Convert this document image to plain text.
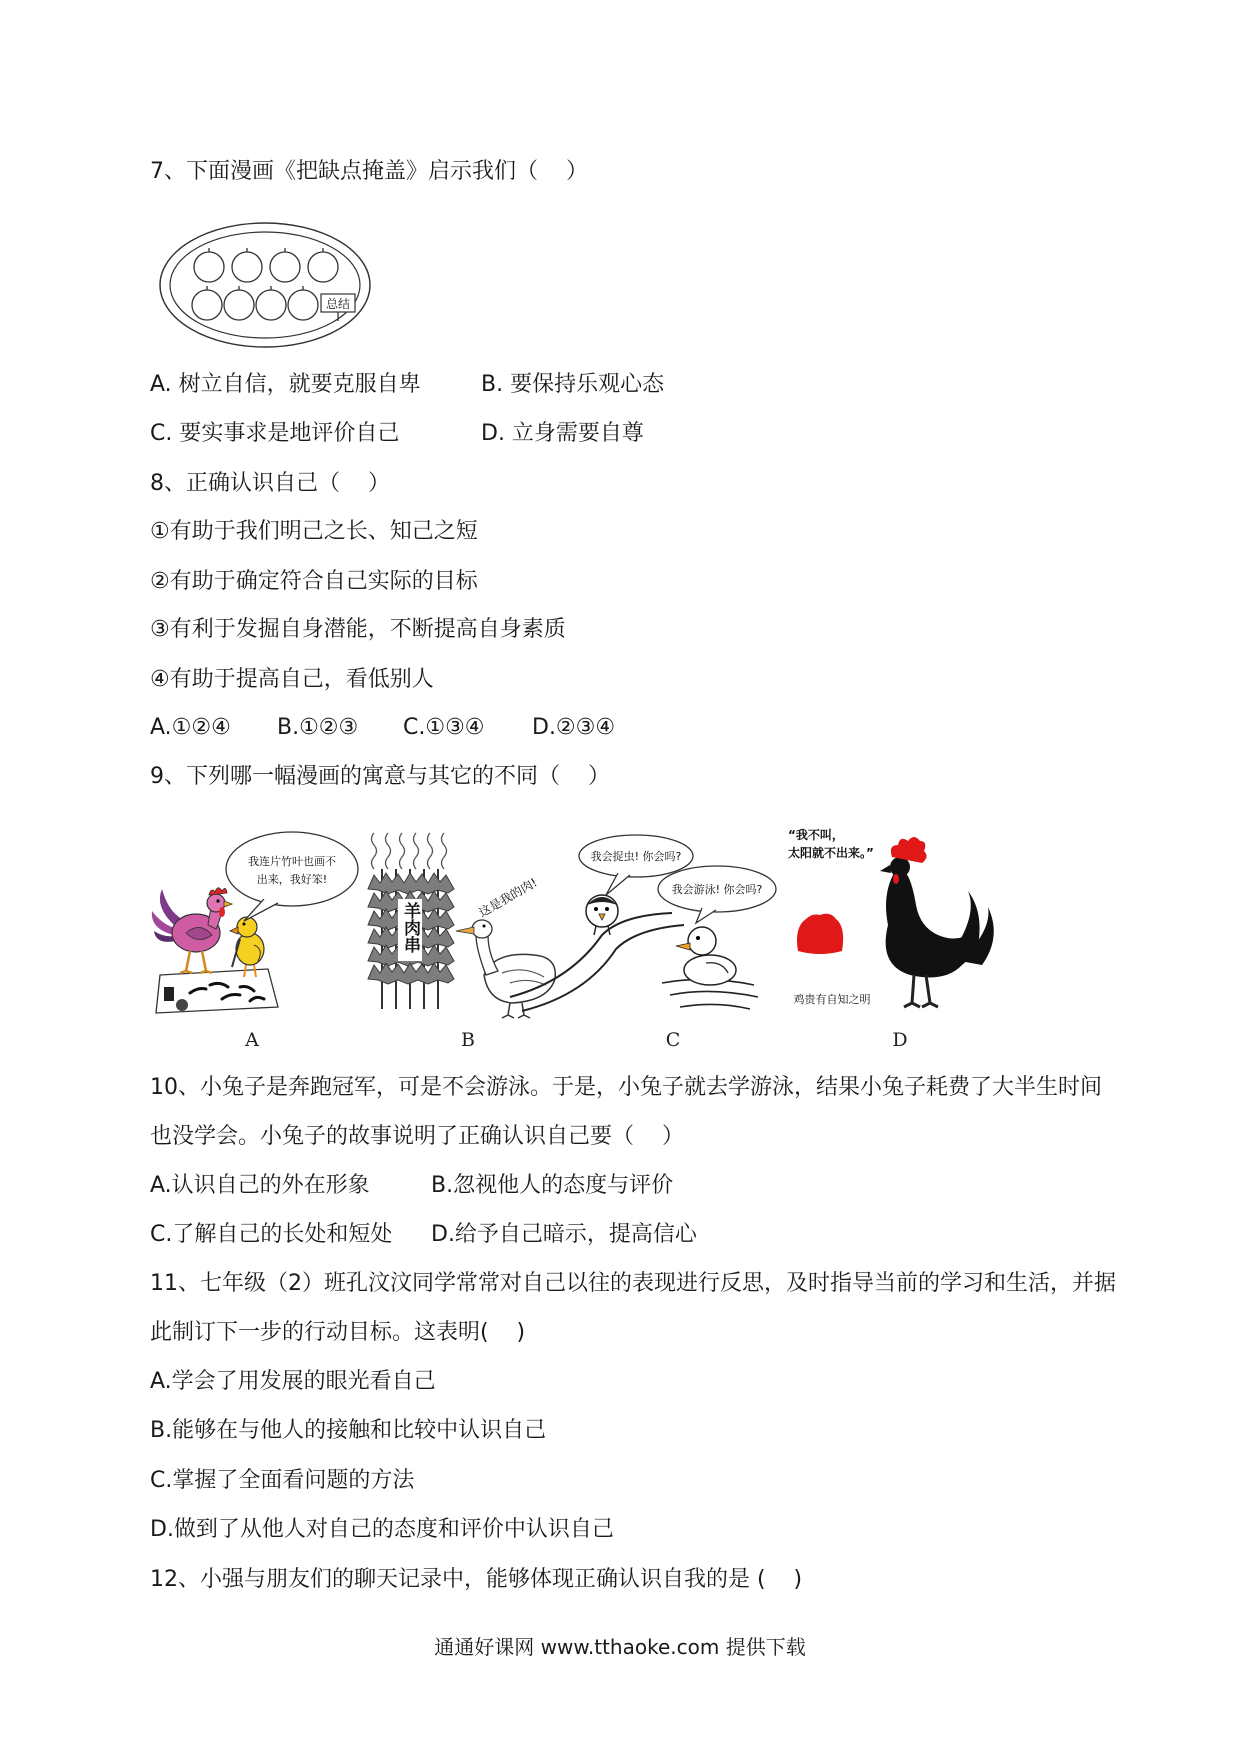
7、下面漫画《把缺点掩盖》启示我们（    ）
总结
A. 树立自信，就要克服自卑	B. 要保持乐观心态
C. 要实事求是地评价自己	D. 立身需要自尊
8、正确认识自己（    ）
①有助于我们明己之长、知己之短
②有助于确定符合自己实际的目标
③有利于发掘自身潜能，不断提高自身素质
④有助于提高自己，看低别人
A.①②④ B.①②③ C.①③④ D.②③④
9、下列哪一幅漫画的寓意与其它的不同（    ）
我连片竹叶也画不
出来，我好笨!	这是我的肉!
我会捉虫! 你会吗?
我会游泳! 你会吗?
“我不叫，
太阳就不出来。”
鸡贵有自知之明
羊肉串
A	B	C	D
10、小兔子是奔跑冠军，可是不会游泳。于是，小兔子就去学游泳，结果小兔子耗费了大半生时间
也没学会。小兔子的故事说明了正确认识自己要（    ）
A.认识自己的外在形象	B.忽视他人的态度与评价
C.了解自己的长处和短处 D.给予自己暗示，提高信心
11、七年级（2）班孔汶汶同学常常对自己以往的表现进行反思，及时指导当前的学习和生活，并据
此制订下一步的行动目标。这表明(    )
A.学会了用发展的眼光看自己
B.能够在与他人的接触和比较中认识自己
C.掌握了全面看问题的方法
D.做到了从他人对自己的态度和评价中认识自己
12、小强与朋友们的聊天记录中，能够体现正确认识自我的是 (    )
通通好课网 www.tthaoke.com 提供下载
